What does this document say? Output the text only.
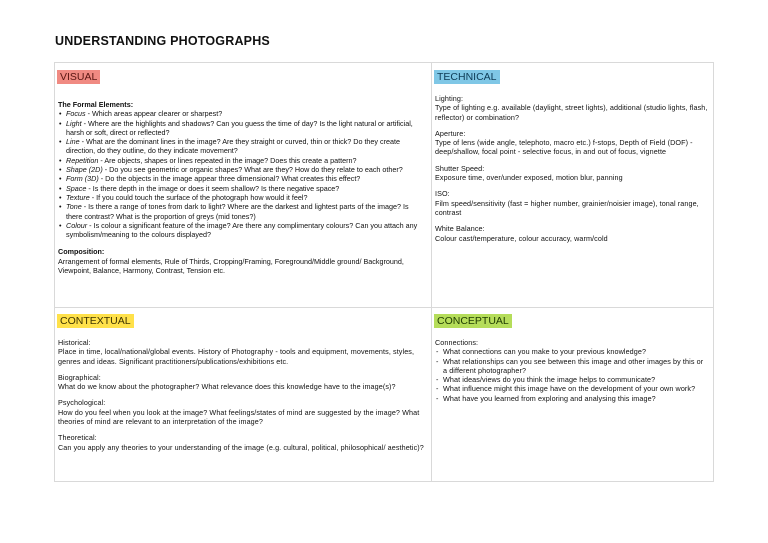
UNDERSTANDING PHOTOGRAPHS
VISUAL
The Formal Elements:
• Focus - Which areas appear clearer or sharpest?
• Light - Where are the highlights and shadows? Can you guess the time of day? Is the light natural or artificial, harsh or soft, direct or reflected?
• Line - What are the dominant lines in the image? Are they straight or curved, thin or thick? Do they create direction, do they outline, do they indicate movement?
• Repetition - Are objects, shapes or lines repeated in the image? Does this create a pattern?
• Shape (2D) - Do you see geometric or organic shapes? What are they? How do they relate to each other?
• Form (3D) - Do the objects in the image appear three dimensional? What creates this effect?
• Space - Is there depth in the image or does it seem shallow? Is there negative space?
• Texture - If you could touch the surface of the photograph how would it feel?
• Tone - Is there a range of tones from dark to light? Where are the darkest and lightest parts of the image? Is there contrast? What is the proportion of greys (mid tones?)
• Colour - Is colour a significant feature of the image? Are there any complimentary colours? Can you attach any symbolism/meaning to the colours displayed?
Composition:
Arrangement of formal elements, Rule of Thirds, Cropping/Framing, Foreground/Middle ground/ Background, Viewpoint, Balance, Harmony, Contrast, Tension etc.
TECHNICAL
Lighting:
Type of lighting e.g. available (daylight, street lights), additional (studio lights, flash, reflector) or combination?
Aperture:
Type of lens (wide angle, telephoto, macro etc.) f-stops, Depth of Field (DOF) - deep/shallow, focal point - selective focus, in and out of focus, vignette
Shutter Speed:
Exposure time, over/under exposed, motion blur, panning
ISO:
Film speed/sensitivity (fast = higher number, grainier/noisier image), tonal range, contrast
White Balance:
Colour cast/temperature, colour accuracy, warm/cold
CONTEXTUAL
Historical:
Place in time, local/national/global events. History of Photography - tools and equipment, movements, styles, genres and ideas. Significant practitioners/publications/exhibitions etc.
Biographical:
What do we know about the photographer? What relevance does this knowledge have to the image(s)?
Psychological:
How do you feel when you look at the image? What feelings/states of mind are suggested by the image? What theories of mind are relevant to an interpretation of the image?
Theoretical:
Can you apply any theories to your understanding of the image (e.g. cultural, political, philosophical/ aesthetic)?
CONCEPTUAL
Connections:
- What connections can you make to your previous knowledge?
- What relationships can you see between this image and other images by this or a different photographer?
- What ideas/views do you think the image helps to communicate?
- What influence might this image have on the development of your own work?
- What have you learned from exploring and analysing this image?
